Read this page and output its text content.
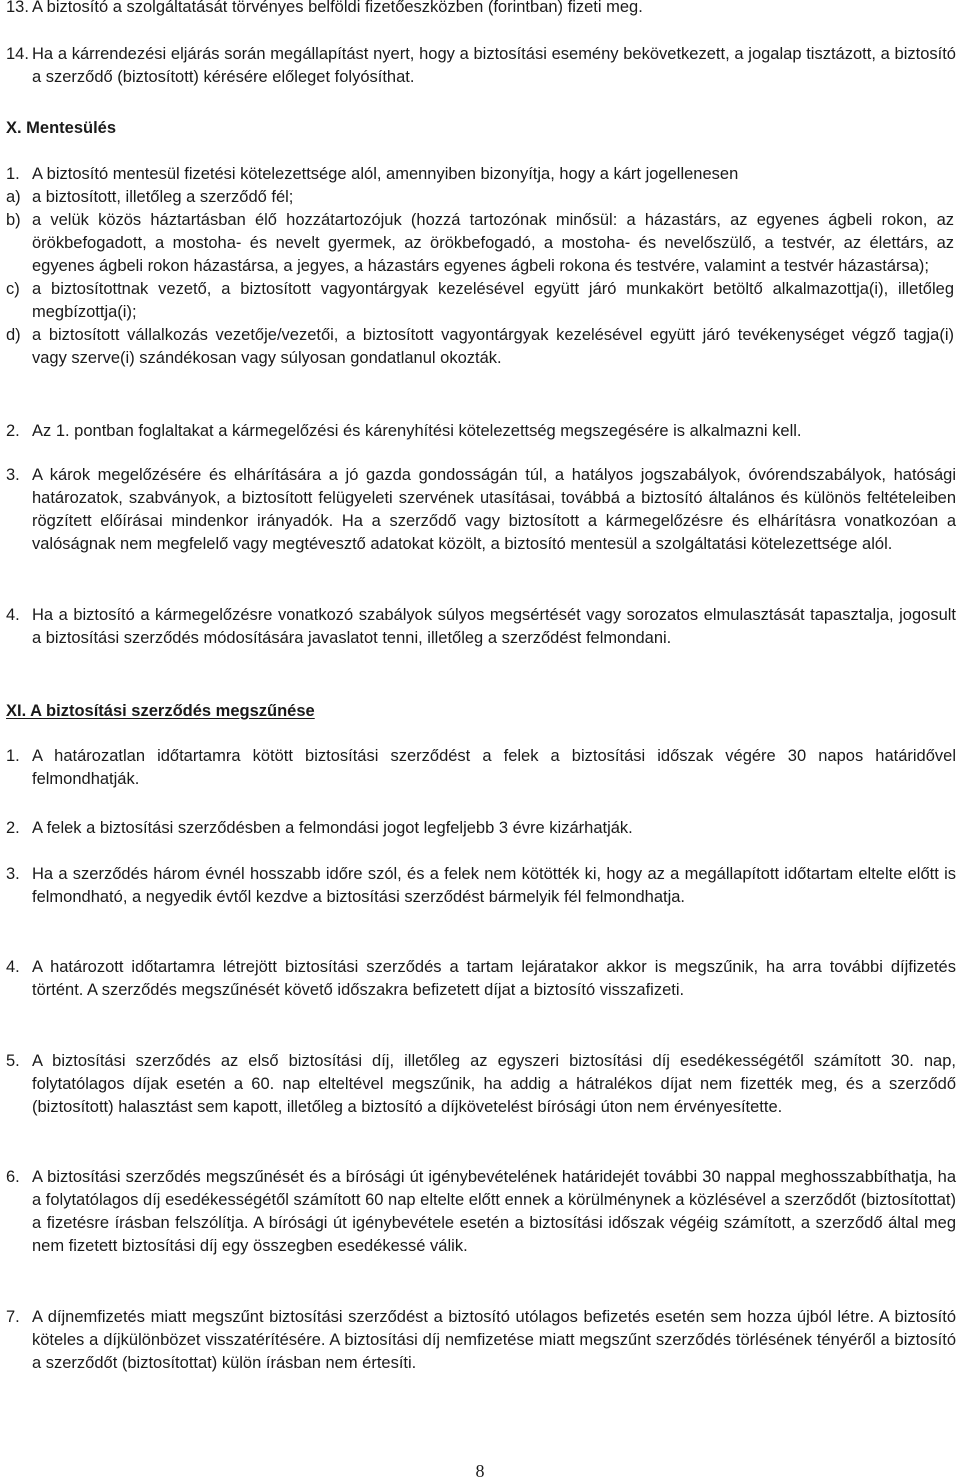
13. A biztosító a szolgáltatását törvényes belföldi fizetőeszközben (forintban) fizeti meg.
14. Ha a kárrendezési eljárás során megállapítást nyert, hogy a biztosítási esemény bekövetkezett, a jogalap tisztázott, a biztosító a szerződő (biztosított) kérésére előleget folyósíthat.
X. Mentesülés
1. A biztosító mentesül fizetési kötelezettsége alól, amennyiben bizonyítja, hogy a kárt jogellenesen
a) a biztosított, illetőleg a szerződő fél;
b) a velük közös háztartásban élő hozzátartozójuk (hozzá tartozónak minősül: a házastárs, az egyenes ágbeli rokon, az örökbefogadott, a mostoha- és nevelt gyermek, az örökbefogadó, a mostoha- és nevelőszülő, a testvér, az élettárs, az egyenes ágbeli rokon házastársa, a jegyes, a házastárs egyenes ágbeli rokona és testvére, valamint a testvér házastársa);
c) a biztosítottnak vezető, a biztosított vagyontárgyak kezelésével együtt járó munkakört betöltő alkalmazottja(i), illetőleg megbízottja(i);
d) a biztosított vállalkozás vezetője/vezetői, a biztosított vagyontárgyak kezelésével együtt járó tevékenységet végző tagja(i) vagy szerve(i) szándékosan vagy súlyosan gondatlanul okozták.
2. Az 1. pontban foglaltakat a kármegelőzési és kárenyhítési kötelezettség megszegésére is alkalmazni kell.
3. A károk megelőzésére és elhárítására a jó gazda gondosságán túl, a hatályos jogszabályok, óvórendszabályok, hatósági határozatok, szabványok, a biztosított felügyeleti szervének utasításai, továbbá a biztosító általános és különös feltételeiben rögzített előírásai mindenkor irányadók. Ha a szerződő vagy biztosított a kármegelőzésre és elhárításra vonatkozóan a valóságnak nem megfelelő vagy megtévesztő adatokat közölt, a biztosító mentesül a szolgáltatási kötelezettsége alól.
4. Ha a biztosító a kármegelőzésre vonatkozó szabályok súlyos megsértését vagy sorozatos elmulasztását tapasztalja, jogosult a biztosítási szerződés módosítására javaslatot tenni, illetőleg a szerződést felmondani.
XI. A biztosítási szerződés megszűnése
1. A határozatlan időtartamra kötött biztosítási szerződést a felek a biztosítási időszak végére 30 napos határidővel felmondhatják.
2. A felek a biztosítási szerződésben a felmondási jogot legfeljebb 3 évre kizárhatják.
3. Ha a szerződés három évnél hosszabb időre szól, és a felek nem kötötték ki, hogy az a megállapított időtartam eltelte előtt is felmondható, a negyedik évtől kezdve a biztosítási szerződést bármelyik fél felmondhatja.
4. A határozott időtartamra létrejött biztosítási szerződés a tartam lejáratakor akkor is megszűnik, ha arra további díjfizetés történt. A szerződés megszűnését követő időszakra befizetett díjat a biztosító visszafizeti.
5. A biztosítási szerződés az első biztosítási díj, illetőleg az egyszeri biztosítási díj esedékességétől számított 30. nap, folytatólagos díjak esetén a 60. nap elteltével megszűnik, ha addig a hátralékos díjat nem fizették meg, és a szerződő (biztosított) halasztást sem kapott, illetőleg a biztosító a díjkövetelést bírósági úton nem érvényesítette.
6. A biztosítási szerződés megszűnését és a bírósági út igénybevételének határidejét további 30 nappal meghosszabbíthatja, ha a folytatólagos díj esedékességétől számított 60 nap eltelte előtt ennek a körülménynek a közlésével a szerződőt (biztosítottat) a fizetésre írásban felszólítja. A bírósági út igénybevétele esetén a biztosítási időszak végéig számított, a szerződő által meg nem fizetett biztosítási díj egy összegben esedékessé válik.
7. A díjnemfizetés miatt megszűnt biztosítási szerződést a biztosító utólagos befizetés esetén sem hozza újból létre. A biztosító köteles a díjkülönbözet visszatérítésére. A biztosítási díj nemfizetése miatt megszűnt szerződés törlésének tényéről a biztosító a szerződőt (biztosítottat) külön írásban nem értesíti.
8
